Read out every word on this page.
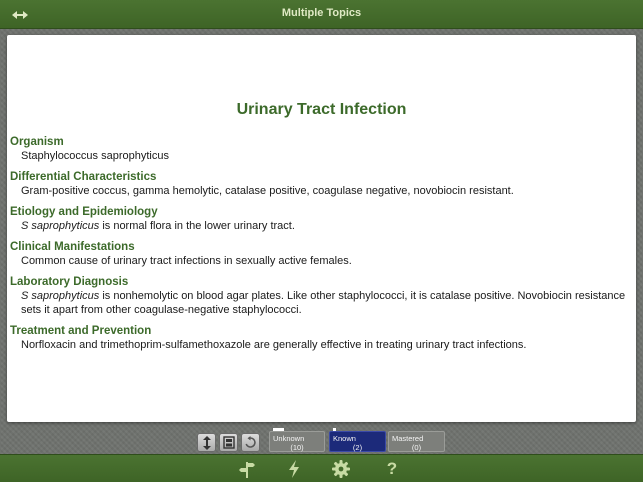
Multiple Topics
Urinary Tract Infection
Organism

Staphylococcus saprophyticus

Differential Characteristics

Gram-positive coccus, gamma hemolytic, catalase positive, coagulase negative, novobiocin resistant.

Etiology and Epidemiology

S saprophyticus is normal flora in the lower urinary tract.

Clinical Manifestations

Common cause of urinary tract infections in sexually active females.

Laboratory Diagnosis

S saprophyticus is nonhemolytic on blood agar plates. Like other staphylococci, it is catalase positive. Novobiocin resistance sets it apart from other coagulase-negative staphylococci.

Treatment and Prevention

Norfloxacin and trimethoprim-sulfamethoxazole are generally effective in treating urinary tract infections.

Unknown
(10)
Known
(2)
Mastered
(0)
?
